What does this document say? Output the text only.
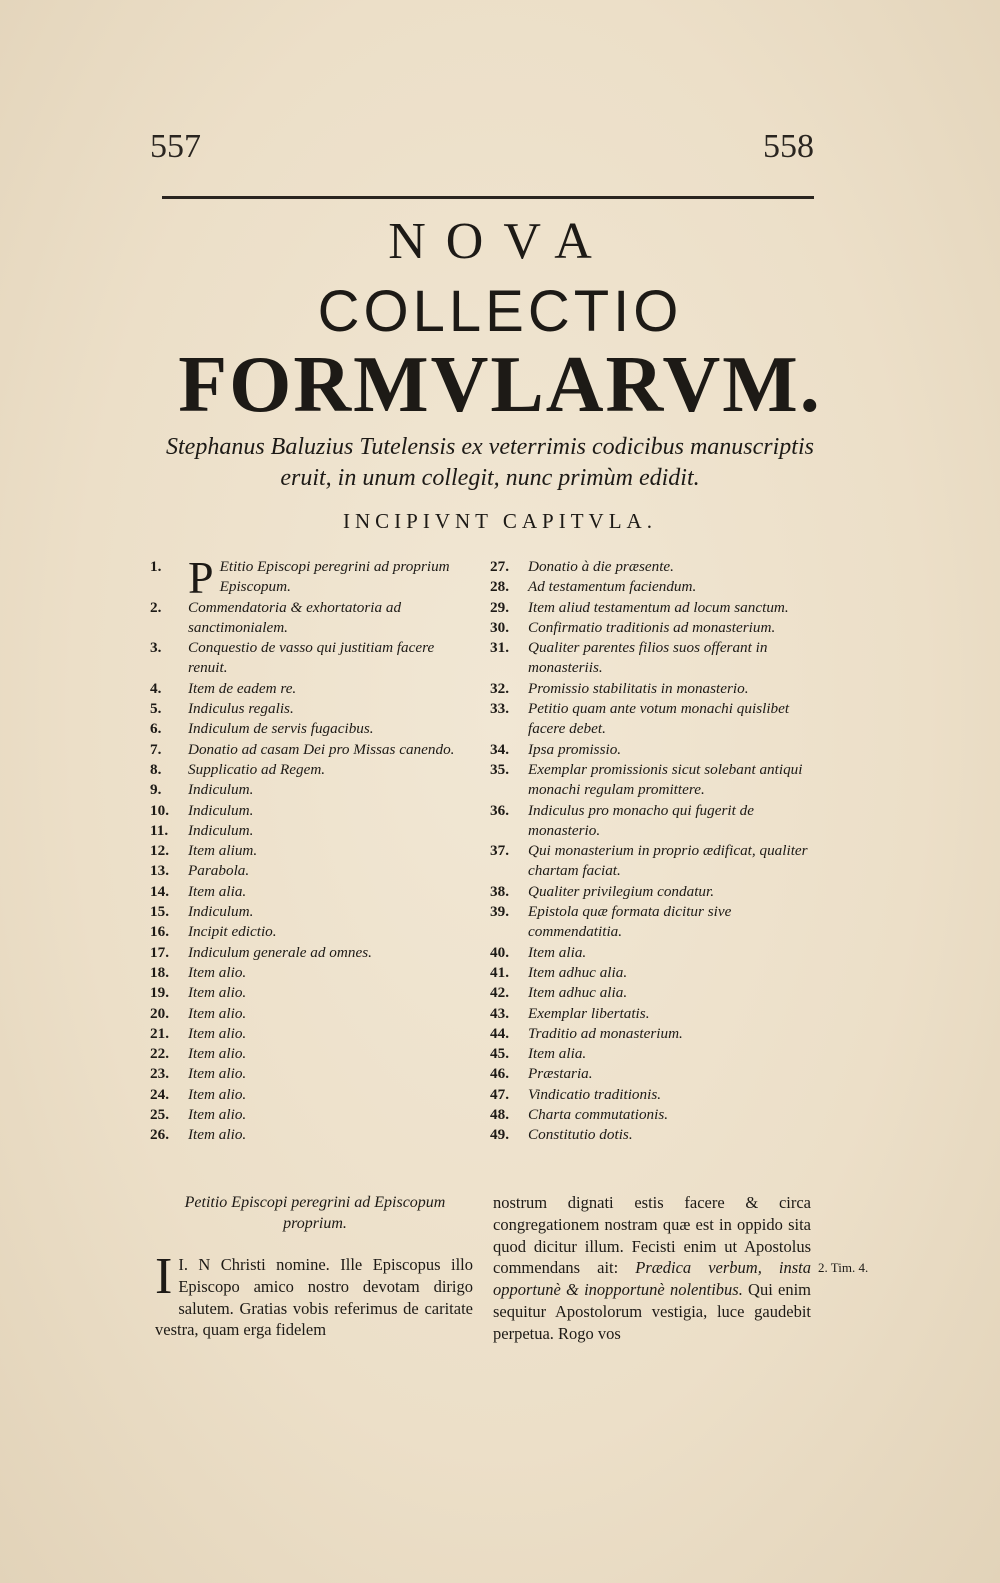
557	558
NOVA
COLLECTIO
FORMVLARVM.
Stephanus Baluzius Tutelensis ex veterrimis codicibus manuscriptis eruit, in unum collegit, nunc primùm edidit.
INCIPIVNT CAPITVLA.
1. P Etitio Episcopi peregrini ad proprium Episcopum.
2. Commendatoria & exhortatoria ad sanctimonialem.
3. Conquestio de vasso qui justitiam facere renuit.
4. Item de eadem re.
5. Indiculus regalis.
6. Indiculum de servis fugacibus.
7. Donatio ad casam Dei pro Missas canendo.
8. Supplicatio ad Regem.
9. Indiculum.
10. Indiculum.
11. Indiculum.
12. Item alium.
13. Parabola.
14. Item alia.
15. Indiculum.
16. Incipit edictio.
17. Indiculum generale ad omnes.
18. Item alio.
19. Item alio.
20. Item alio.
21. Item alio.
22. Item alio.
23. Item alio.
24. Item alio.
25. Item alio.
26. Item alio.
27. Donatio à die præsente.
28. Ad testamentum faciendum.
29. Item aliud testamentum ad locum sanctum.
30. Confirmatio traditionis ad monasterium.
31. Qualiter parentes filios suos offerant in monasteriis.
32. Promissio stabilitatis in monasterio.
33. Petitio quam ante votum monachi quislibet facere debet.
34. Ipsa promissio.
35. Exemplar promissionis sicut solebant antiqui monachi regulam promittere.
36. Indiculus pro monacho qui fugerit de monasterio.
37. Qui monasterium in proprio ædificat, qualiter chartam faciat.
38. Qualiter privilegium condatur.
39. Epistola quæ formata dicitur sive commendatitia.
40. Item alia.
41. Item adhuc alia.
42. Item adhuc alia.
43. Exemplar libertatis.
44. Traditio ad monasterium.
45. Item alia.
46. Præstaria.
47. Vindicatio traditionis.
48. Charta commutationis.
49. Constitutio dotis.
Petitio Episcopi peregrini ad Episcopum proprium.
I.
I N Christi nomine. Ille Episcopus illo Episcopo amico nostro devotam dirigo salutem. Gratias vobis referimus de caritate vestra, quam erga fidelem
nostrum dignati estis facere & circa congregationem nostram quæ est in oppido sita quod dicitur illum. Fecisti enim ut Apostolus commendans ait: Prædica verbum, insta opportunè & inopportunè nolentibus. Qui enim sequitur Apostolorum vestigia, luce gaudebit perpetua. Rogo vos
2. Tim. 4.
